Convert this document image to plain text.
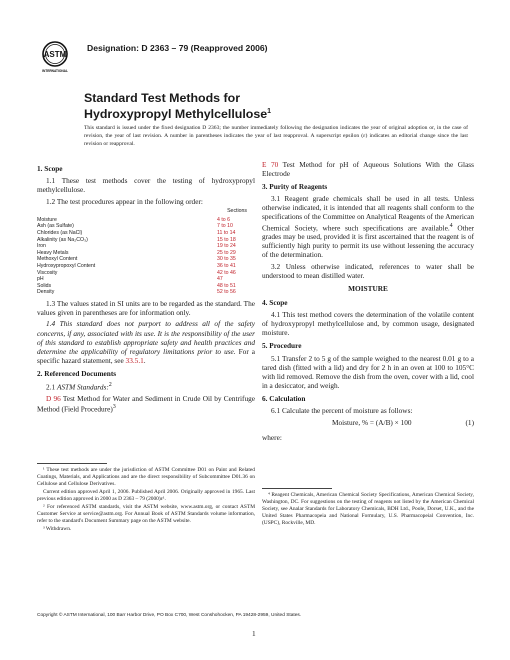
ASTM
INTERNATIONAL
Designation: D 2363 – 79 (Reapproved 2006)
Standard Test Methods for
Hydroxypropyl Methylcellulose$^1$
This standard is issued under the fixed designation D 2363; the number immediately following the designation indicates the year of original adoption or, in the case of revision, the year of last revision. A number in parentheses indicates the year of last reapproval. A superscript epsilon (ε) indicates an editorial change since the last revision or reapproval.
1. Scope

1.1 These test methods cover the testing of hydroxypropyl methylcellulose.

1.2 The test procedures appear in the following order:

Sections
Moisture	4 to 6
Ash (as Sulfate)	7 to 10
Chlorides (as NaCl)	11 to 14
Alkalinity (as Na₂CO₃)	15 to 18
Iron	19 to 24
Heavy Metals	25 to 29
Methoxyl Content	30 to 35
Hydroxypropoxyl Content	36 to 41
Viscosity	42 to 46
pH	47
Solids	48 to 51
Density	52 to 56

1.3 The values stated in SI units are to be regarded as the standard. The values given in parentheses are for information only.

1.4 This standard does not purport to address all of the safety concerns, if any, associated with its use. It is the responsibility of the user of this standard to establish appropriate safety and health practices and determine the applicability of regulatory limitations prior to use. For a specific hazard statement, see 33.5.1.

2. Referenced Documents

2.1 ASTM Standards:$^2$

D 96 Test Method for Water and Sediment in Crude Oil by Centrifuge Method (Field Procedure)$^3$

¹ These test methods are under the jurisdiction of ASTM Committee D01 on Paint and Related Coatings, Materials, and Applications and are the direct responsibility of Subcommittee D01.36 on Cellulose and Cellulose Derivatives.

Current edition approved April 1, 2006. Published April 2006. Originally approved in 1965. Last previous edition approved in 2000 as D 2363 – 79 (2000)ε¹.

² For referenced ASTM standards, visit the ASTM website, www.astm.org, or contact ASTM Customer Service at service@astm.org. For Annual Book of ASTM Standards volume information, refer to the standard's Document Summary page on the ASTM website.

³ Withdrawn.

E 70 Test Method for pH of Aqueous Solutions With the Glass Electrode

3. Purity of Reagents

3.1 Reagent grade chemicals shall be used in all tests. Unless otherwise indicated, it is intended that all reagents shall conform to the specifications of the Committee on Analytical Reagents of the American Chemical Society, where such specifications are available.$^4$ Other grades may be used, provided it is first ascertained that the reagent is of sufficiently high purity to permit its use without lessening the accuracy of the determination.

3.2 Unless otherwise indicated, references to water shall be understood to mean distilled water.

MOISTURE
4. Scope

4.1 This test method covers the determination of the volatile content of hydroxypropyl methylcellulose and, by common usage, designated moisture.

5. Procedure

5.1 Transfer 2 to 5 g of the sample weighed to the nearest 0.01 g to a tared dish (fitted with a lid) and dry for 2 h in an oven at 100 to 105°C with lid removed. Remove the dish from the oven, cover with a lid, cool in a desiccator, and weigh.

6. Calculation

6.1 Calculate the percent of moisture as follows:

Moisture, % = (A/B) × 100	(1)

where:

⁴ Reagent Chemicals, American Chemical Society Specifications, American Chemical Society, Washington, DC. For suggestions on the testing of reagents not listed by the American Chemical Society, see Analar Standards for Laboratory Chemicals, BDH Ltd., Poole, Dorset, U.K., and the United States Pharmacopeia and National Formulary, U.S. Pharmacopeial Convention, Inc. (USPC), Rockville, MD.

Copyright © ASTM International, 100 Barr Harbor Drive, PO Box C700, West Conshohocken, PA 19428-2959, United States.
1
